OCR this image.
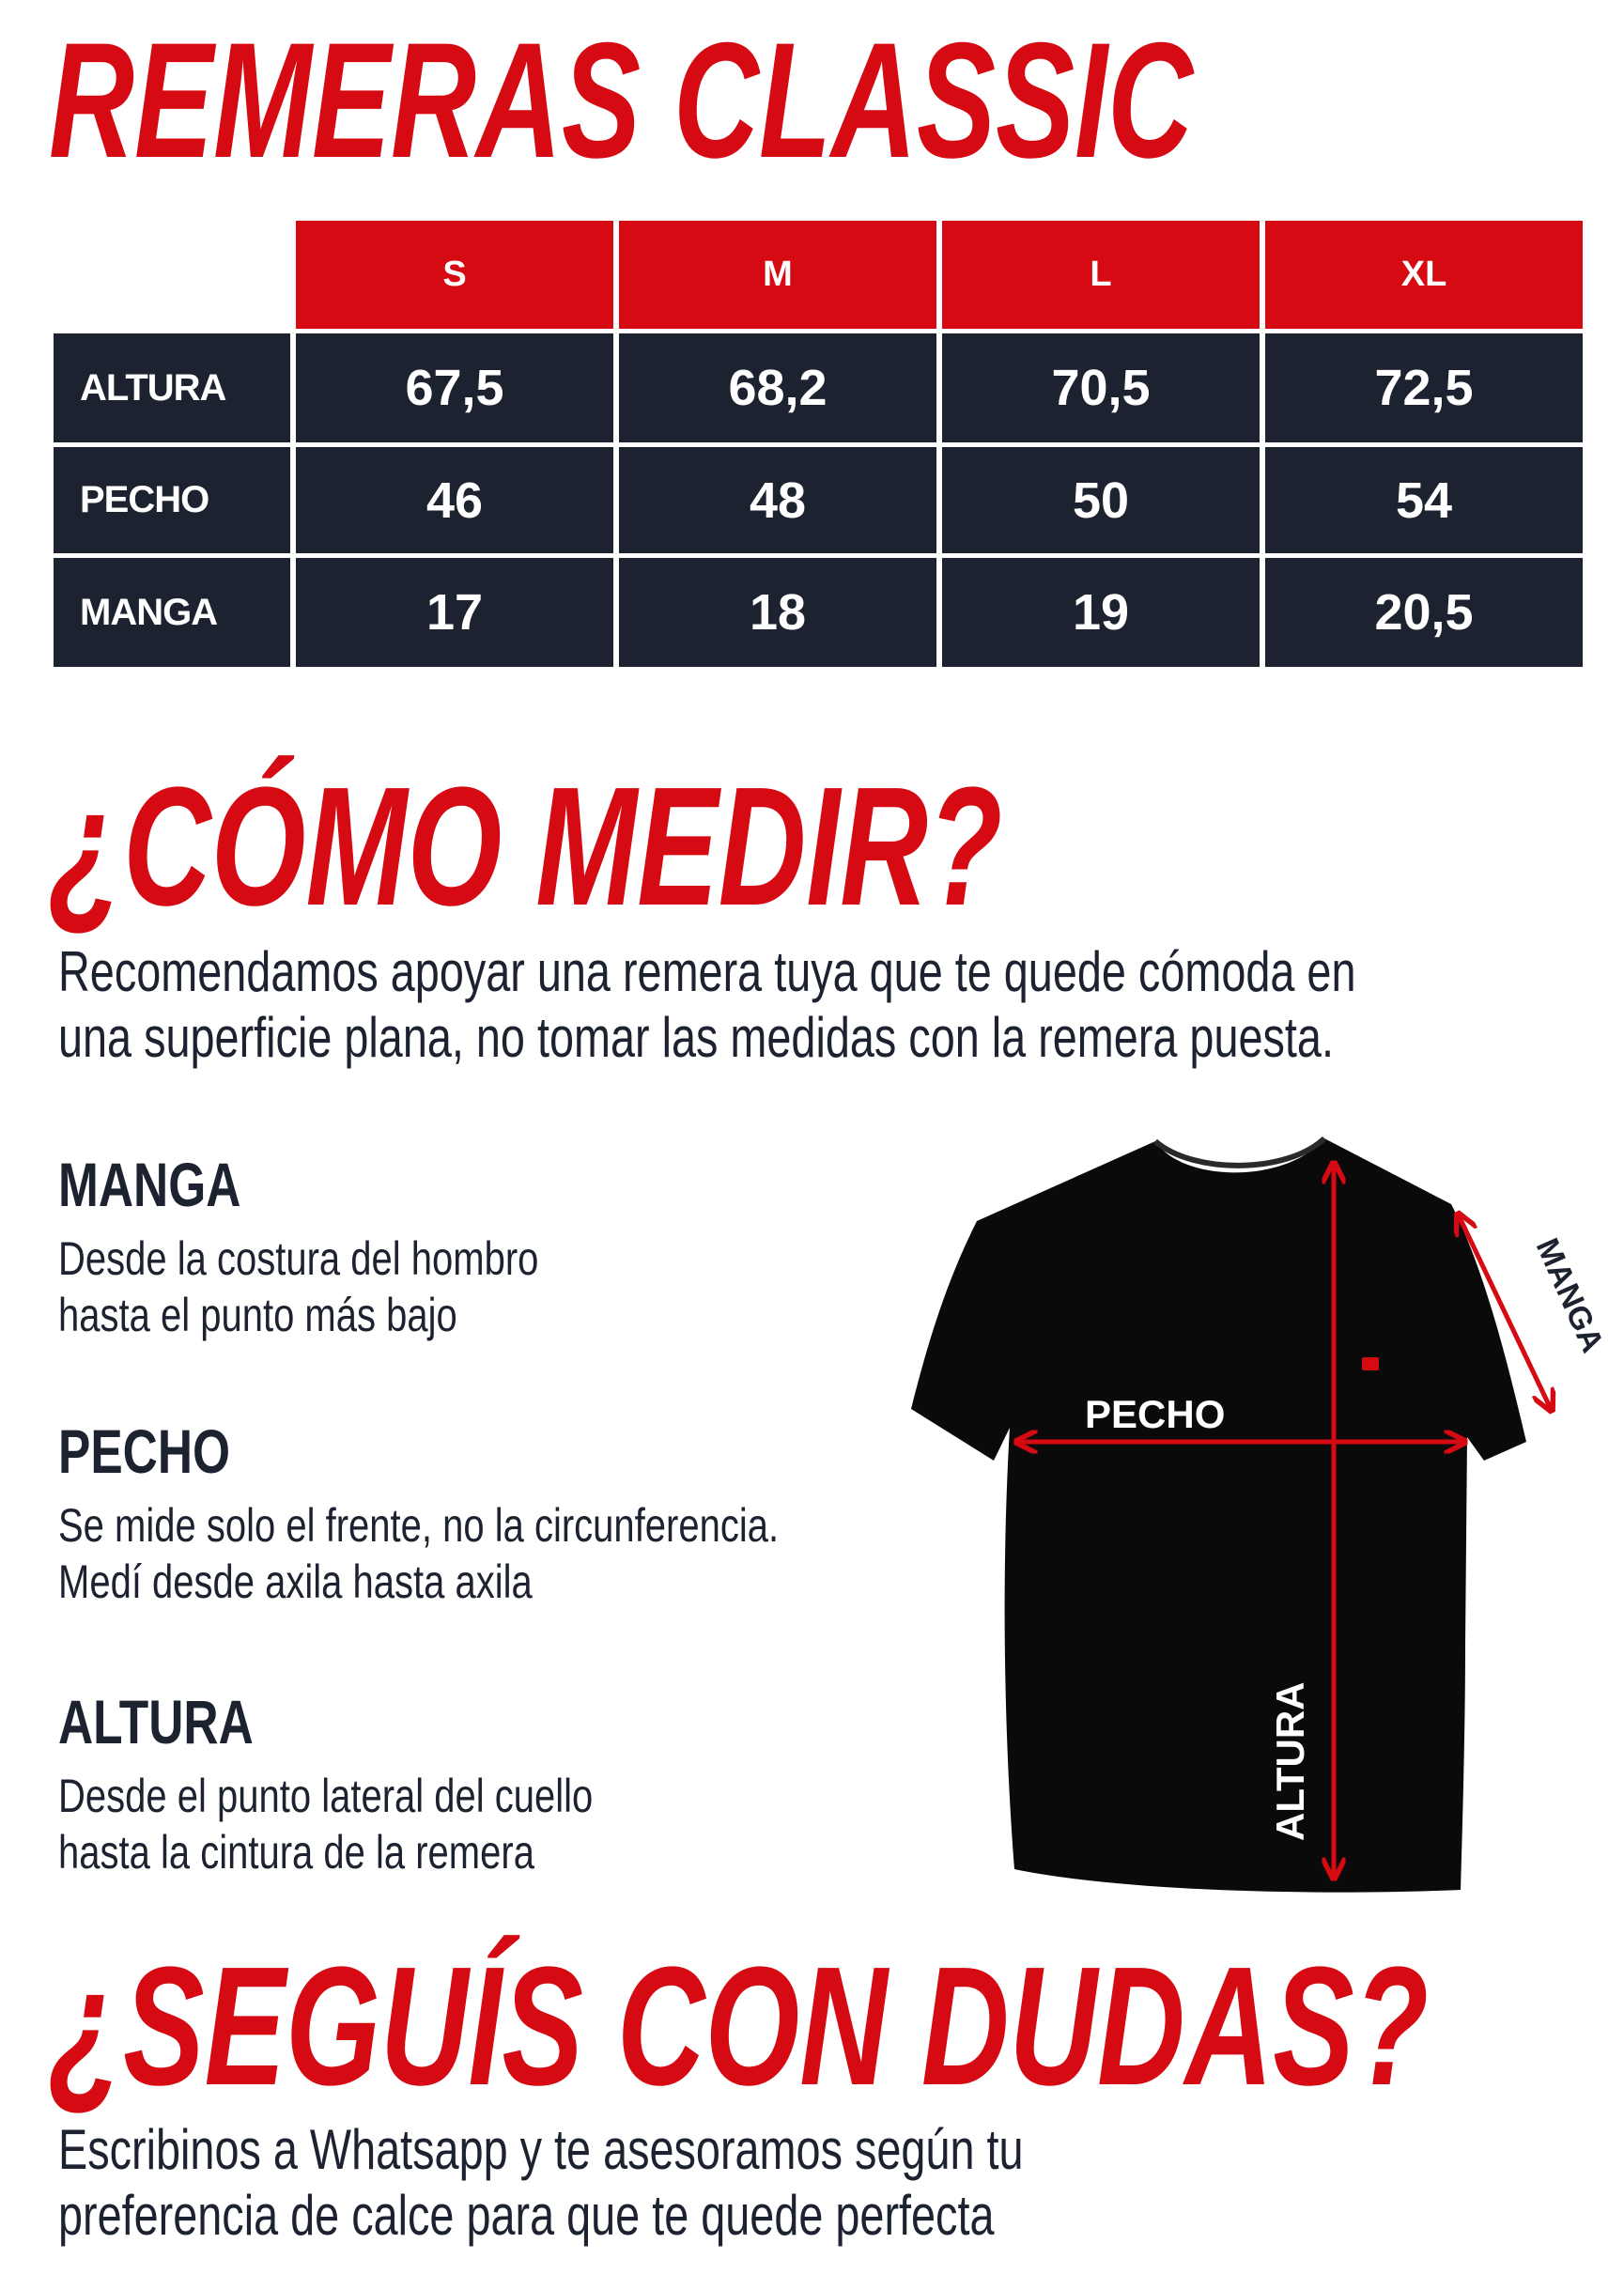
REMERAS CLASSIC
S	M	L	XL
ALTURA	67,5	68,2	70,5	72,5
PECHO	46	48	50	54
MANGA	17	18	19	20,5
¿CÓMO MEDIR?

Recomendamos apoyar una remera tuya que te quede cómoda en
una superficie plana, no tomar las medidas con la remera puesta.

MANGA

Desde la costura del hombro
hasta el punto más bajo

PECHO

Se mide solo el frente, no la circunferencia.
Medí desde axila hasta axila

ALTURA

Desde el punto lateral del cuello
hasta la cintura de la remera

PECHO
MANGA
ALTURA
¿SEGUÍS CON DUDAS?

Escribinos a Whatsapp y te asesoramos según tu
preferencia de calce para que te quede perfecta
